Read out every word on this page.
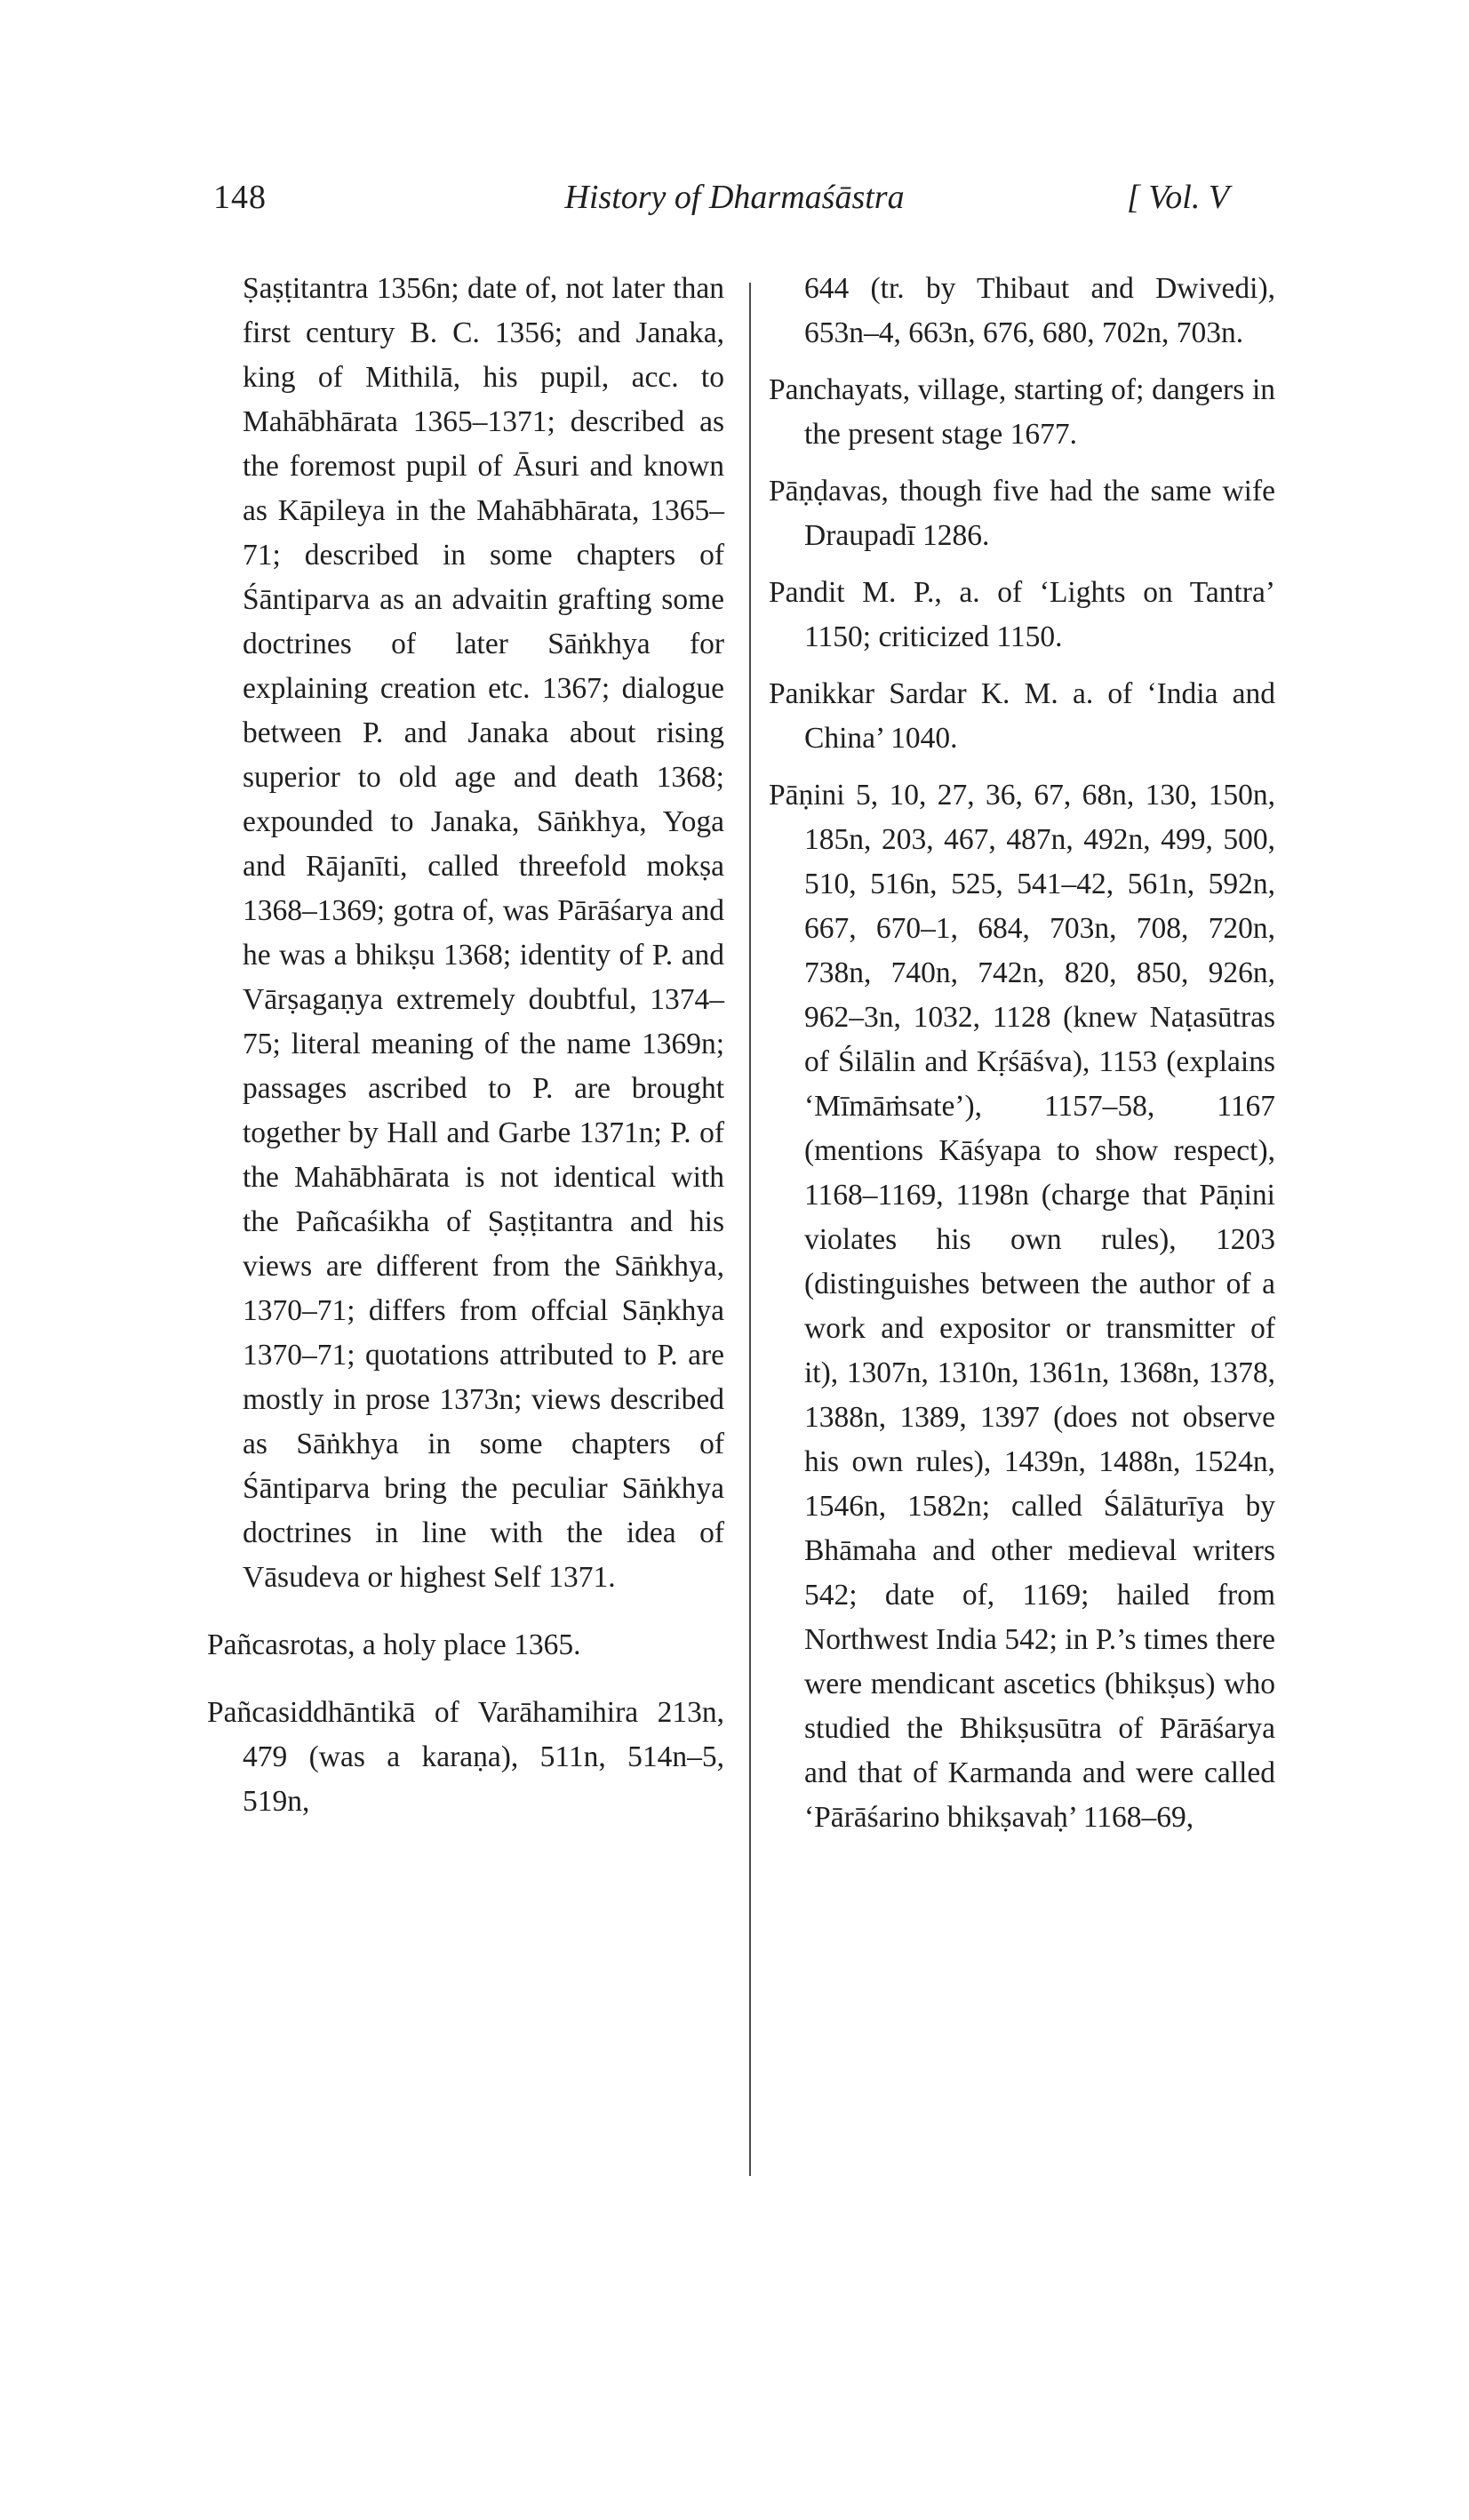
148	History of Dharmaśāstra	[ Vol. V

Ṣaṣṭitantra 1356n; date of, not later than first century B. C. 1356; and Janaka, king of Mithilā, his pupil, acc. to Mahābhārata 1365–1371; described as the foremost pupil of Āsuri and known as Kāpileya in the Mahābhārata, 1365–71; described in some chapters of Śāntiparva as an advaitin grafting some doctrines of later Sāṅkhya for explaining creation etc. 1367; dialogue between P. and Janaka about rising superior to old age and death 1368; expounded to Janaka, Sāṅkhya, Yoga and Rājanīti, called threefold mokṣa 1368–1369; gotra of, was Pārāśarya and he was a bhikṣu 1368; identity of P. and Vārṣagaṇya extremely doubtful, 1374–75; literal meaning of the name 1369n; passages ascribed to P. are brought together by Hall and Garbe 1371n; P. of the Mahābhārata is not identical with the Pañcaśikha of Ṣaṣṭitantra and his views are different from the Sāṅkhya, 1370–71; differs from offcial Sāṇkhya 1370–71; quotations attributed to P. are mostly in prose 1373n; views described as Sāṅkhya in some chapters of Śāntiparva bring the peculiar Sāṅkhya doctrines in line with the idea of Vāsudeva or highest Self 1371.

Pañcasrotas, a holy place 1365.

Pañcasiddhāntikā of Varāhamihira 213n, 479 (was a karaṇa), 511n, 514n–5, 519n,

644 (tr. by Thibaut and Dwivedi), 653n–4, 663n, 676, 680, 702n, 703n.

Panchayats, village, starting of; dangers in the present stage 1677.

Pāṇḍavas, though five had the same wife Draupadī 1286.

Pandit M. P., a. of ‘Lights on Tantra’ 1150; criticized 1150.

Panikkar Sardar K. M. a. of ‘India and China’ 1040.

Pāṇini 5, 10, 27, 36, 67, 68n, 130, 150n, 185n, 203, 467, 487n, 492n, 499, 500, 510, 516n, 525, 541–42, 561n, 592n, 667, 670–1, 684, 703n, 708, 720n, 738n, 740n, 742n, 820, 850, 926n, 962–3n, 1032, 1128 (knew Naṭasūtras of Śilālin and Kṛśāśva), 1153 (explains ‘Mīmāṁsate’), 1157–58, 1167 (mentions Kāśyapa to show respect), 1168–1169, 1198n (charge that Pāṇini violates his own rules), 1203 (distinguishes between the author of a work and expositor or transmitter of it), 1307n, 1310n, 1361n, 1368n, 1378, 1388n, 1389, 1397 (does not observe his own rules), 1439n, 1488n, 1524n, 1546n, 1582n; called Śālāturīya by Bhāmaha and other medieval writers 542; date of, 1169; hailed from Northwest India 542; in P.’s times there were mendicant ascetics (bhikṣus) who studied the Bhikṣusūtra of Pārāśarya and that of Karmanda and were called ‘Pārāśarino bhikṣavaḥ’ 1168–69,
